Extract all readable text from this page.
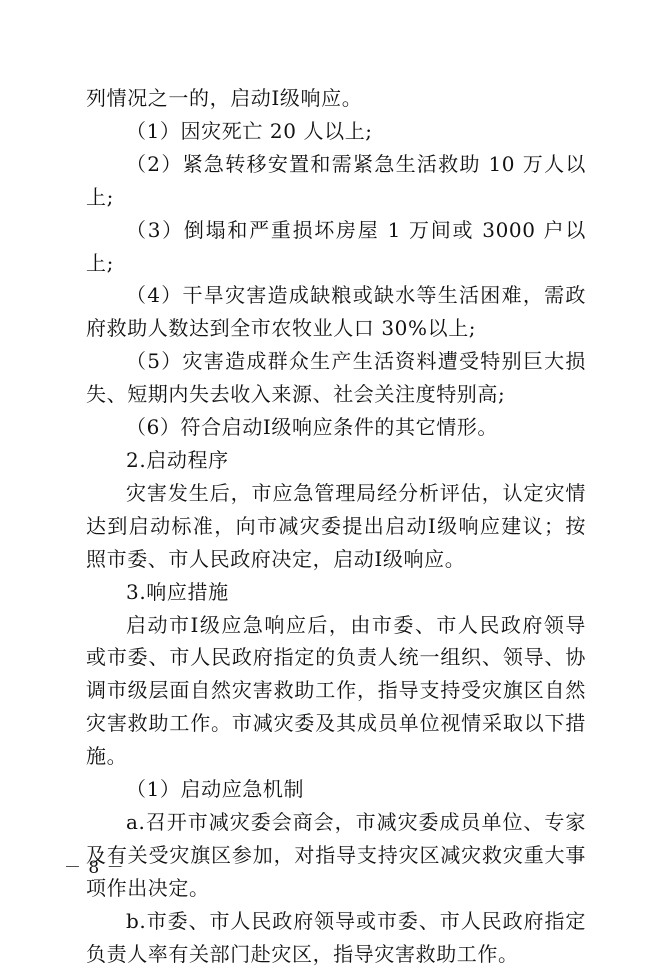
列情况之一的，启动Ⅰ级响应。

（1）因灾死亡 20 人以上;

（2）紧急转移安置和需紧急生活救助 10 万人以上;

（3）倒塌和严重损坏房屋 1 万间或 3000 户以上;

（4）干旱灾害造成缺粮或缺水等生活困难，需政府救助人数达到全市农牧业人口 30%以上;

（5）灾害造成群众生产生活资料遭受特别巨大损失、短期内失去收入来源、社会关注度特别高;

（6）符合启动Ⅰ级响应条件的其它情形。

2.启动程序

灾害发生后，市应急管理局经分析评估，认定灾情达到启动标准，向市减灾委提出启动Ⅰ级响应建议；按照市委、市人民政府决定，启动Ⅰ级响应。

3.响应措施

启动市Ⅰ级应急响应后，由市委、市人民政府领导或市委、市人民政府指定的负责人统一组织、领导、协调市级层面自然灾害救助工作，指导支持受灾旗区自然灾害救助工作。市减灾委及其成员单位视情采取以下措施。

（1）启动应急机制

a.召开市减灾委会商会，市减灾委成员单位、专家及有关受灾旗区参加，对指导支持灾区减灾救灾重大事项作出决定。

b.市委、市人民政府领导或市委、市人民政府指定负责人率有关部门赴灾区，指导灾害救助工作。

－ 8 －
